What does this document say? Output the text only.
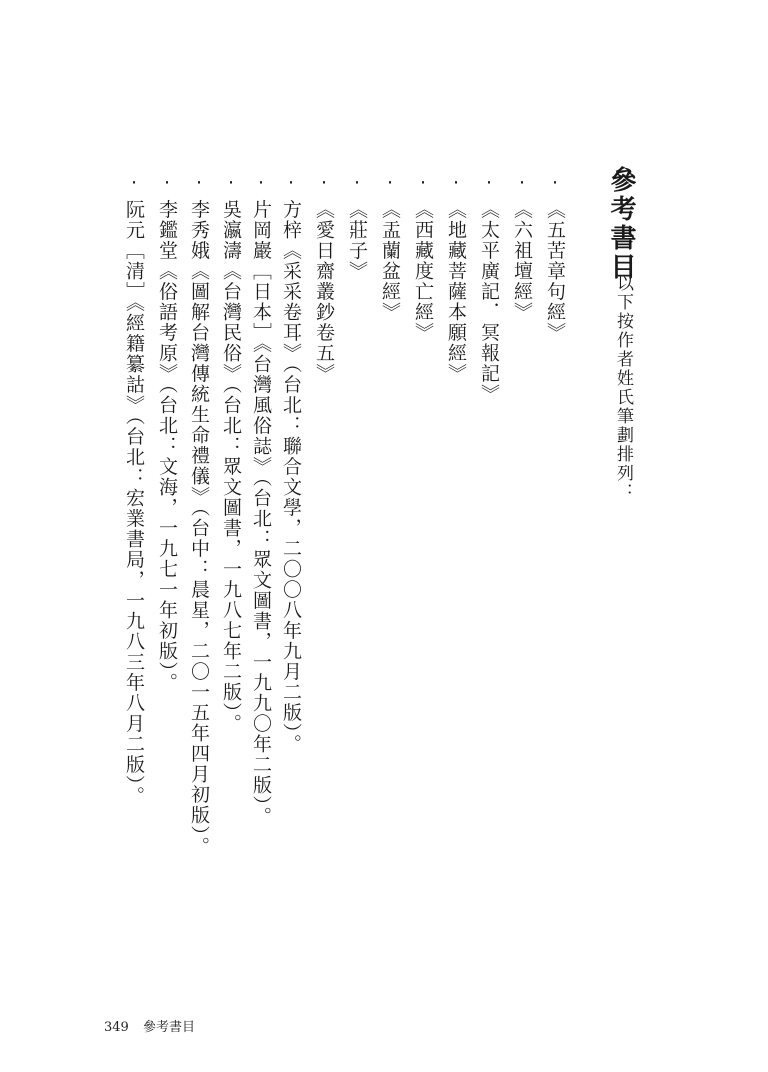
參考書目
以下按作者姓氏筆劃排列：
·《五苦章句經》
·《六祖壇經》
·《太平廣記．冥報記》
·《地藏菩薩本願經》
·《西藏度亡經》
·《盂蘭盆經》
·《莊子》
·《愛日齋叢鈔卷五》
·方梓《采采卷耳》（台北：聯合文學，二〇〇八年九月二版）。
·片岡巖［日本］《台灣風俗誌》（台北：眾文圖書，一九九〇年二版）。
·吳瀛濤《台灣民俗》（台北：眾文圖書，一九八七年二版）。
·李秀娥《圖解台灣傳統生命禮儀》（台中：晨星，二〇一五年四月初版）。
·李鑑堂《俗語考原》（台北：文海，一九七一年初版）。
·阮元［清］《經籍纂詁》（台北：宏業書局，一九八三年八月二版）。
349 參考書目
